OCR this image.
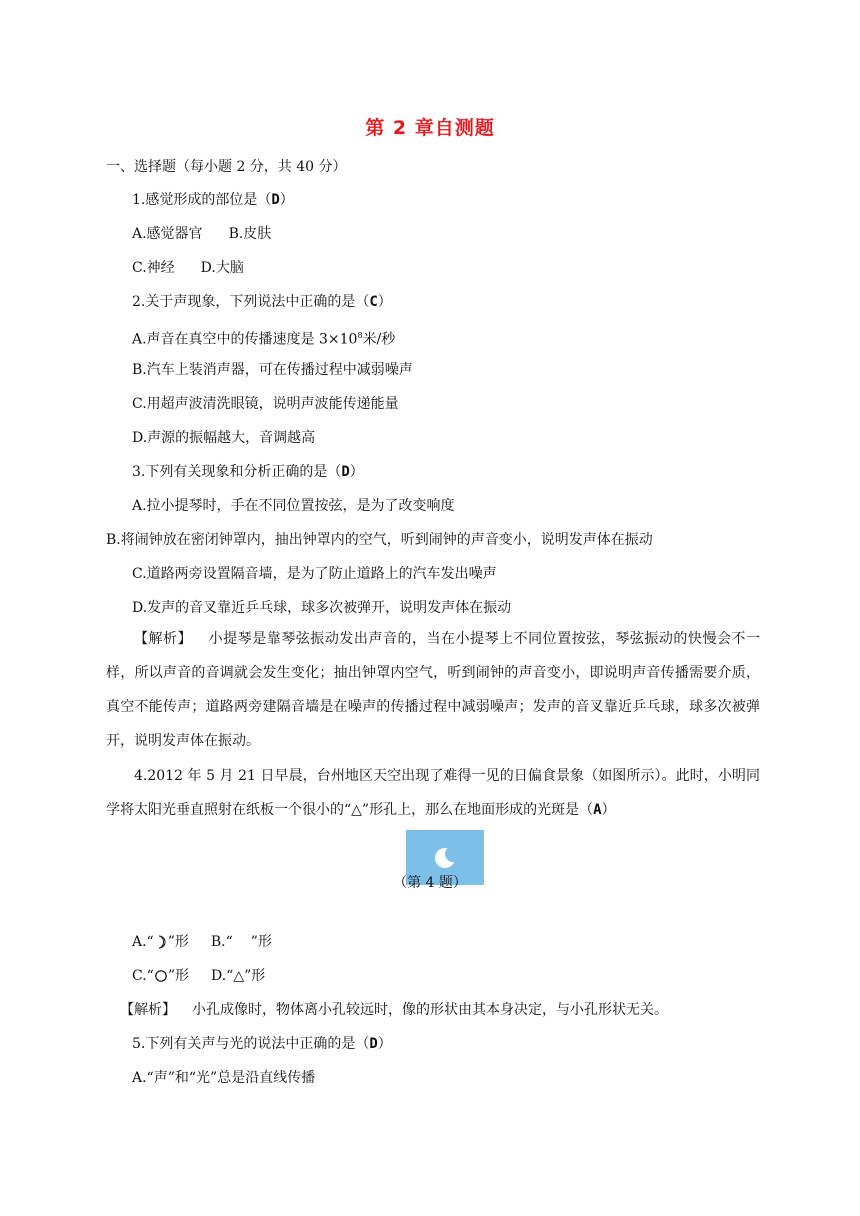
第 2 章自测题
一、选择题（每小题 2 分，共 40 分）
1.感觉形成的部位是（D）
A.感觉器官 B.皮肤
C.神经 D.大脑
2.关于声现象，下列说法中正确的是（C）
A.声音在真空中的传播速度是 $3\times 10^8$米/秒
B.汽车上装消声器，可在传播过程中减弱噪声
C.用超声波清洗眼镜，说明声波能传递能量
D.声源的振幅越大，音调越高
3.下列有关现象和分析正确的是（D）
A.拉小提琴时，手在不同位置按弦，是为了改变响度
B.将闹钟放在密闭钟罩内，抽出钟罩内的空气，听到闹钟的声音变小，说明发声体在振动
C.道路两旁设置隔音墙，是为了防止道路上的汽车发出噪声
D.发声的音叉靠近乒乓球，球多次被弹开，说明发声体在振动
【解析】 小提琴是靠琴弦振动发出声音的，当在小提琴上不同位置按弦，琴弦振动的快慢会不一样，所以声音的音调就会发生变化；抽出钟罩内空气，听到闹钟的声音变小，即说明声音传播需要介质，真空不能传声；道路两旁建隔音墙是在噪声的传播过程中减弱噪声；发声的音叉靠近乒乓球，球多次被弹开，说明发声体在振动。
4.2012 年 5 月 21 日早晨，台州地区天空出现了难得一见的日偏食景象（如图所示）。此时，小明同学将太阳光垂直照射在纸板一个很小的“△”形孔上，那么在地面形成的光斑是（A）
（第 4 题）
A.“ ”形 B.“ ”形
C.“ ”形 D.“△”形
【解析】 小孔成像时，物体离小孔较远时，像的形状由其本身决定，与小孔形状无关。
5.下列有关声与光的说法中正确的是（D）
A.“声”和“光”总是沿直线传播
